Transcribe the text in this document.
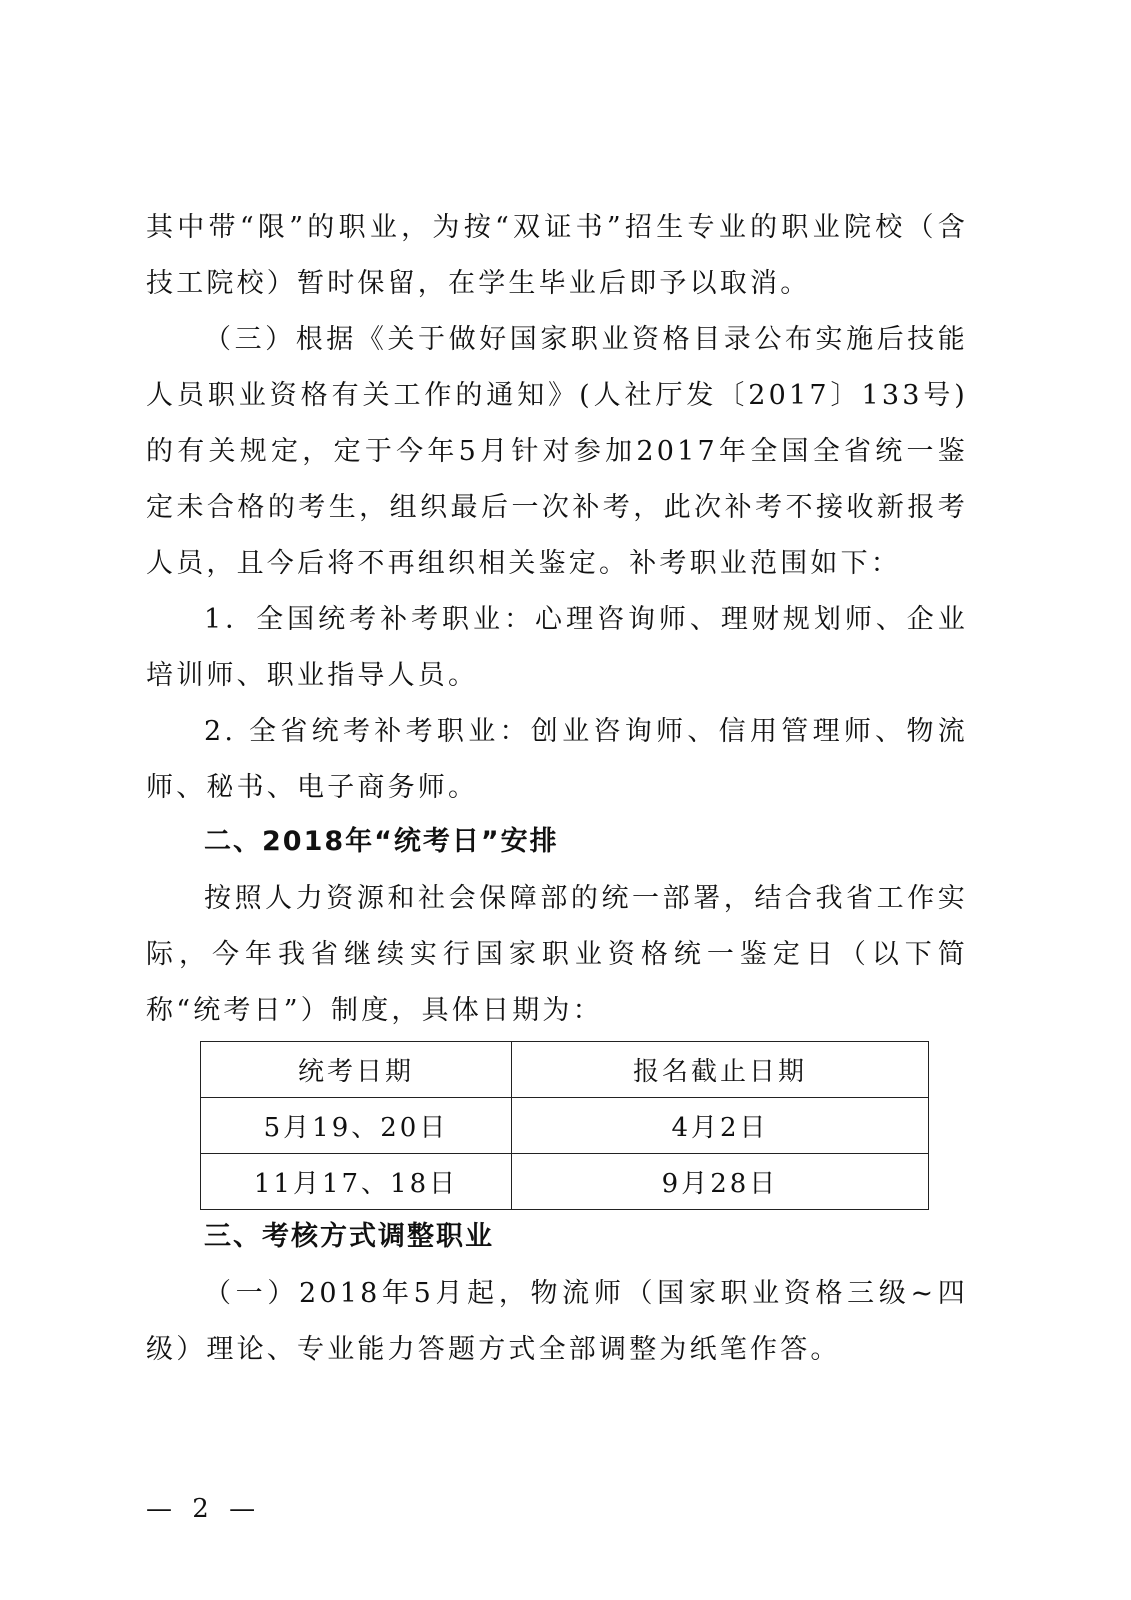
其中带“限”的职业，为按“双证书”招生专业的职业院校（含技工院校）暂时保留，在学生毕业后即予以取消。

（三）根据《关于做好国家职业资格目录公布实施后技能人员职业资格有关工作的通知》(人社厅发〔2017〕133号)的有关规定，定于今年5月针对参加2017年全国全省统一鉴定未合格的考生，组织最后一次补考，此次补考不接收新报考人员，且今后将不再组织相关鉴定。补考职业范围如下：

1．全国统考补考职业：心理咨询师、理财规划师、企业培训师、职业指导人员。

2. 全省统考补考职业：创业咨询师、信用管理师、物流师、秘书、电子商务师。

二、2018年“统考日”安排

按照人力资源和社会保障部的统一部署，结合我省工作实际，今年我省继续实行国家职业资格统一鉴定日（以下简称“统考日”）制度，具体日期为：

统考日期	报名截止日期
5月19、20日	4月2日
11月17、18日	9月28日
三、考核方式调整职业

（一）2018年5月起，物流师（国家职业资格三级~四级）理论、专业能力答题方式全部调整为纸笔作答。

— 2 —
